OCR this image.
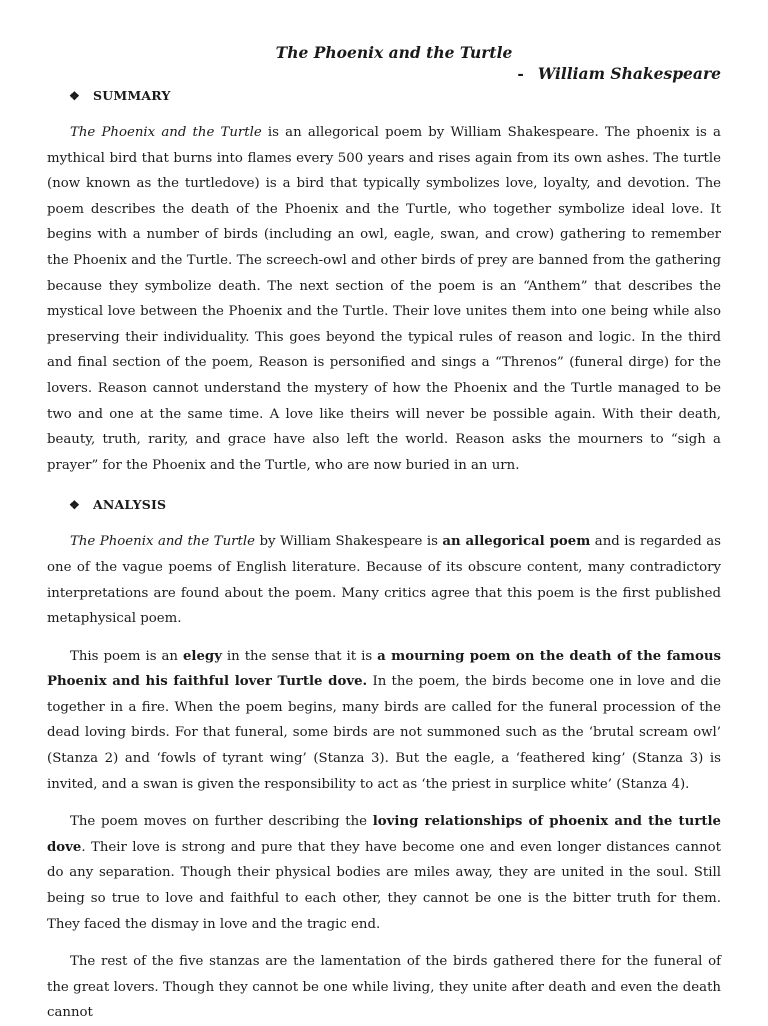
The Phoenix and the Turtle
- William Shakespeare
❖ SUMMARY

The Phoenix and the Turtle is an allegorical poem by William Shakespeare. The phoenix is a mythical bird that burns into flames every 500 years and rises again from its own ashes. The turtle (now known as the turtledove) is a bird that typically symbolizes love, loyalty, and devotion. The poem describes the death of the Phoenix and the Turtle, who together symbolize ideal love. It begins with a number of birds (including an owl, eagle, swan, and crow) gathering to remember the Phoenix and the Turtle. The screech-owl and other birds of prey are banned from the gathering because they symbolize death. The next section of the poem is an “Anthem” that describes the mystical love between the Phoenix and the Turtle. Their love unites them into one being while also preserving their individuality. This goes beyond the typical rules of reason and logic. In the third and final section of the poem, Reason is personified and sings a “Threnos” (funeral dirge) for the lovers. Reason cannot understand the mystery of how the Phoenix and the Turtle managed to be two and one at the same time. A love like theirs will never be possible again. With their death, beauty, truth, rarity, and grace have also left the world. Reason asks the mourners to “sigh a prayer” for the Phoenix and the Turtle, who are now buried in an urn.

❖ ANALYSIS

The Phoenix and the Turtle by William Shakespeare is an allegorical poem and is regarded as one of the vague poems of English literature. Because of its obscure content, many contradictory interpretations are found about the poem. Many critics agree that this poem is the first published metaphysical poem.

This poem is an elegy in the sense that it is a mourning poem on the death of the famous Phoenix and his faithful lover Turtle dove. In the poem, the birds become one in love and die together in a fire. When the poem begins, many birds are called for the funeral procession of the dead loving birds. For that funeral, some birds are not summoned such as the ‘brutal scream owl’ (Stanza 2) and ‘fowls of tyrant wing’ (Stanza 3). But the eagle, a ‘feathered king’ (Stanza 3) is invited, and a swan is given the responsibility to act as ‘the priest in surplice white’ (Stanza 4).

The poem moves on further describing the loving relationships of phoenix and the turtle dove. Their love is strong and pure that they have become one and even longer distances cannot do any separation. Though their physical bodies are miles away, they are united in the soul. Still being so true to love and faithful to each other, they cannot be one is the bitter truth for them. They faced the dismay in love and the tragic end.

The rest of the five stanzas are the lamentation of the birds gathered there for the funeral of the great lovers. Though they cannot be one while living, they unite after death and even the death cannot
